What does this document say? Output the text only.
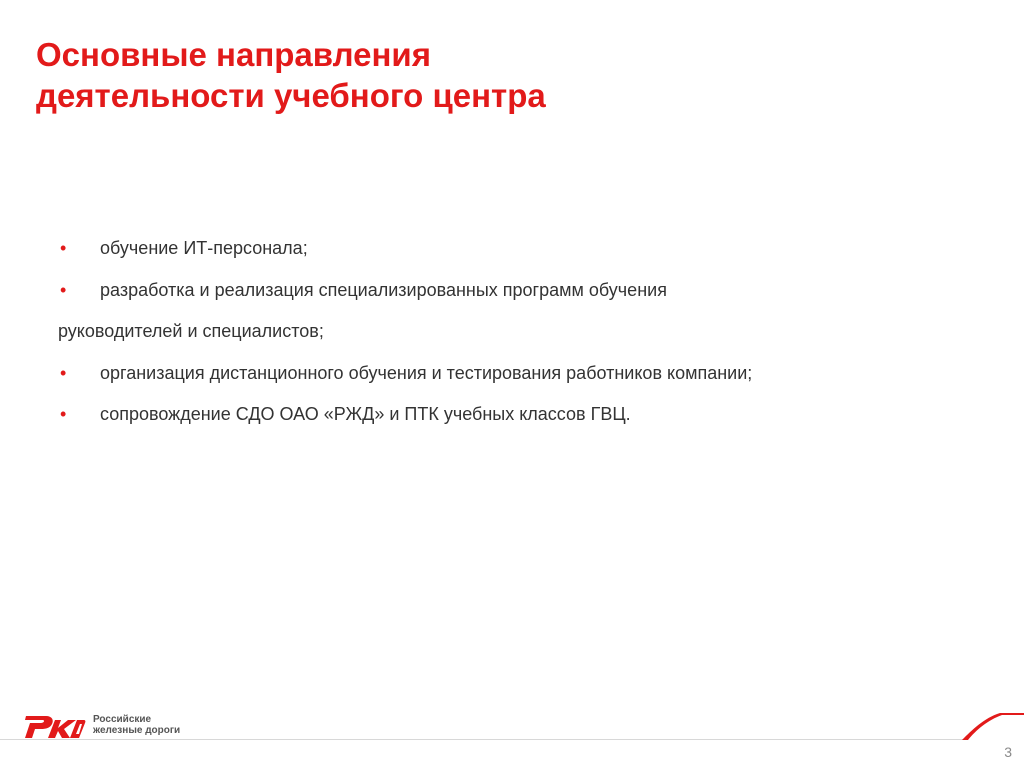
Основные направления
деятельности учебного центра

• обучение ИТ-персонала;

• разработка и реализация специализированных программ обучения

руководителей и специалистов;

• организация дистанционного обучения и тестирования работников компании;

• сопровождение СДО ОАО «РЖД» и ПТК учебных классов ГВЦ.

Российские
железные дороги
3
